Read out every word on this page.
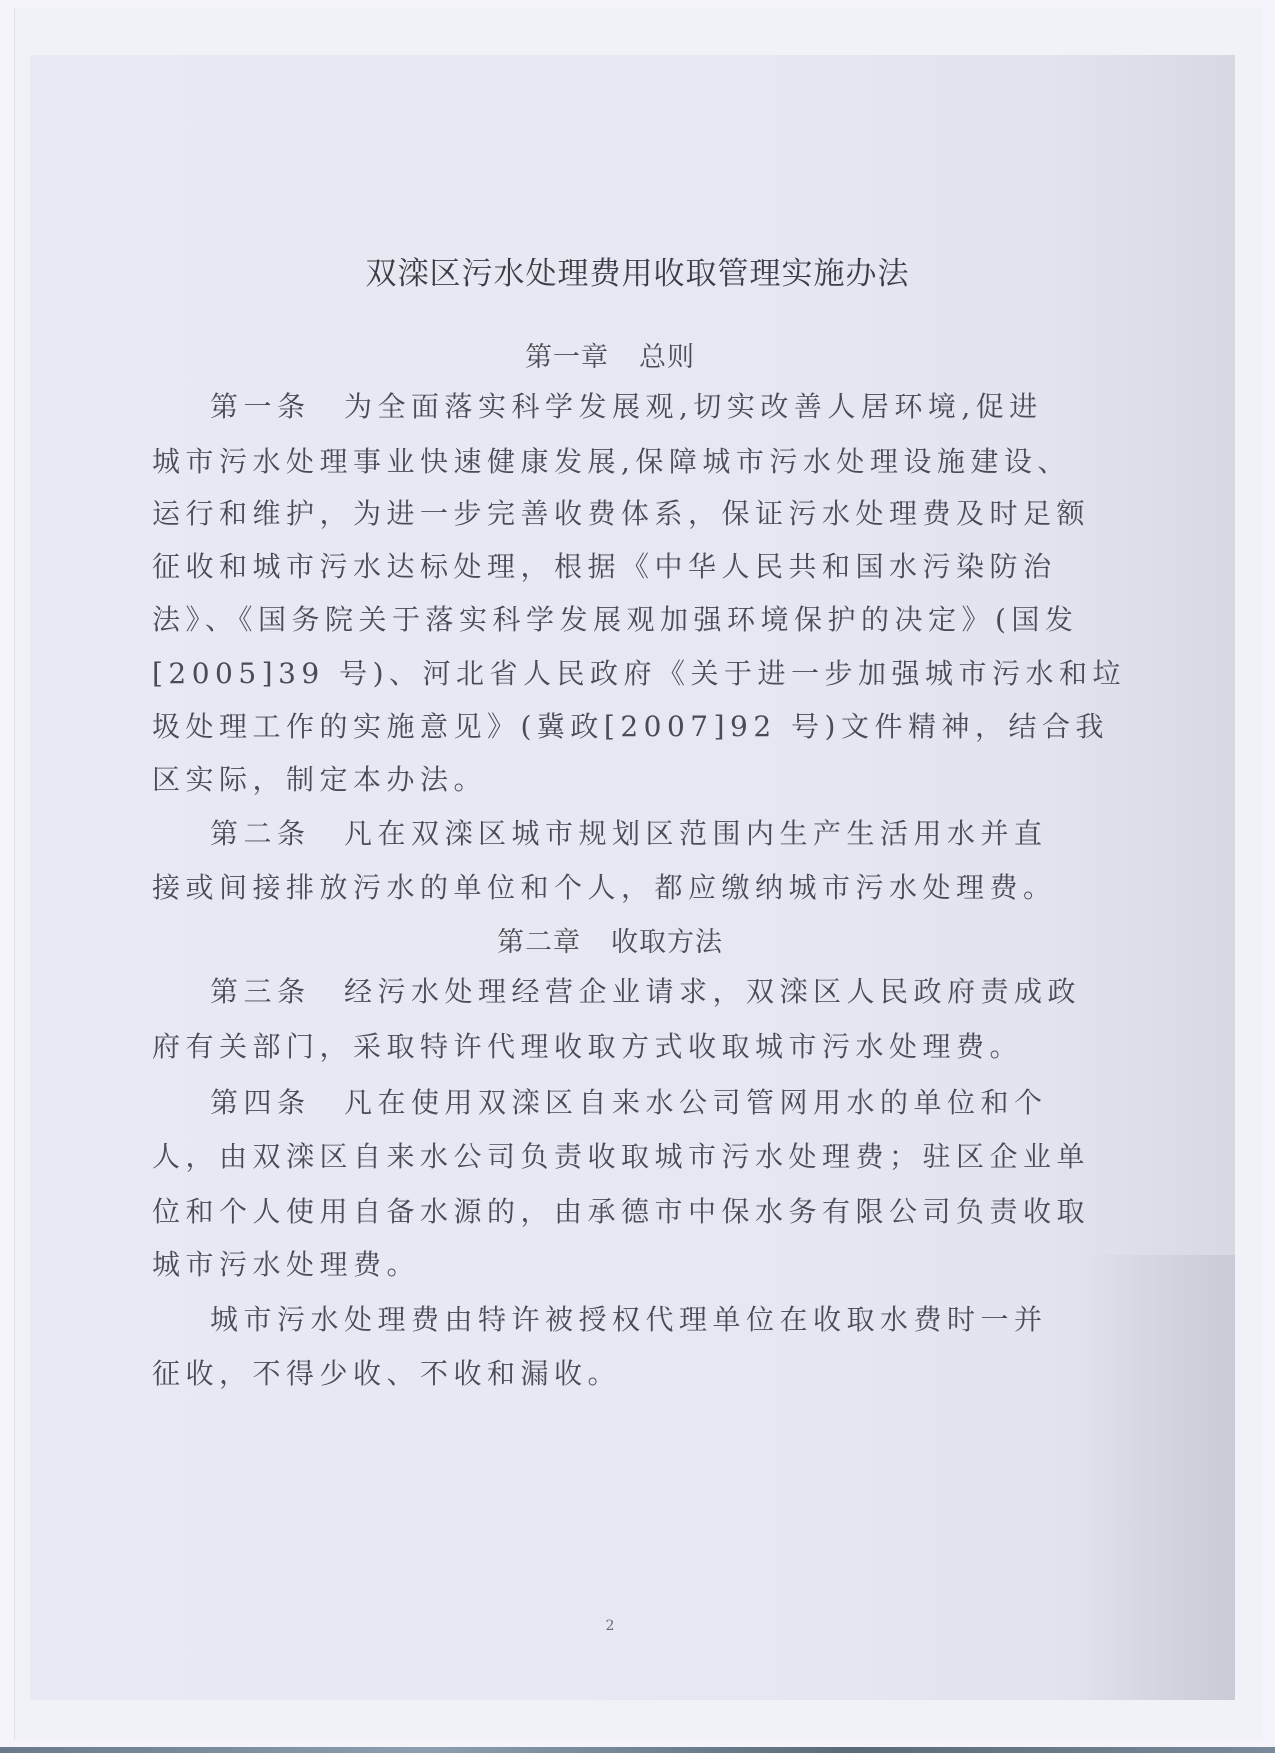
双滦区污水处理费用收取管理实施办法
第一章 总则
第一条　为全面落实科学发展观,切实改善人居环境,促进
城市污水处理事业快速健康发展,保障城市污水处理设施建设、
运行和维护，为进一步完善收费体系，保证污水处理费及时足额
征收和城市污水达标处理，根据《中华人民共和国水污染防治
法》、《国务院关于落实科学发展观加强环境保护的决定》(国发
[2005]39 号)、河北省人民政府《关于进一步加强城市污水和垃
圾处理工作的实施意见》(冀政[2007]92 号)文件精神，结合我
区实际，制定本办法。
第二条　凡在双滦区城市规划区范围内生产生活用水并直
接或间接排放污水的单位和个人，都应缴纳城市污水处理费。
第二章 收取方法
第三条　经污水处理经营企业请求，双滦区人民政府责成政
府有关部门，采取特许代理收取方式收取城市污水处理费。
第四条　凡在使用双滦区自来水公司管网用水的单位和个
人，由双滦区自来水公司负责收取城市污水处理费；驻区企业单
位和个人使用自备水源的，由承德市中保水务有限公司负责收取
城市污水处理费。
城市污水处理费由特许被授权代理单位在收取水费时一并
征收，不得少收、不收和漏收。
2
